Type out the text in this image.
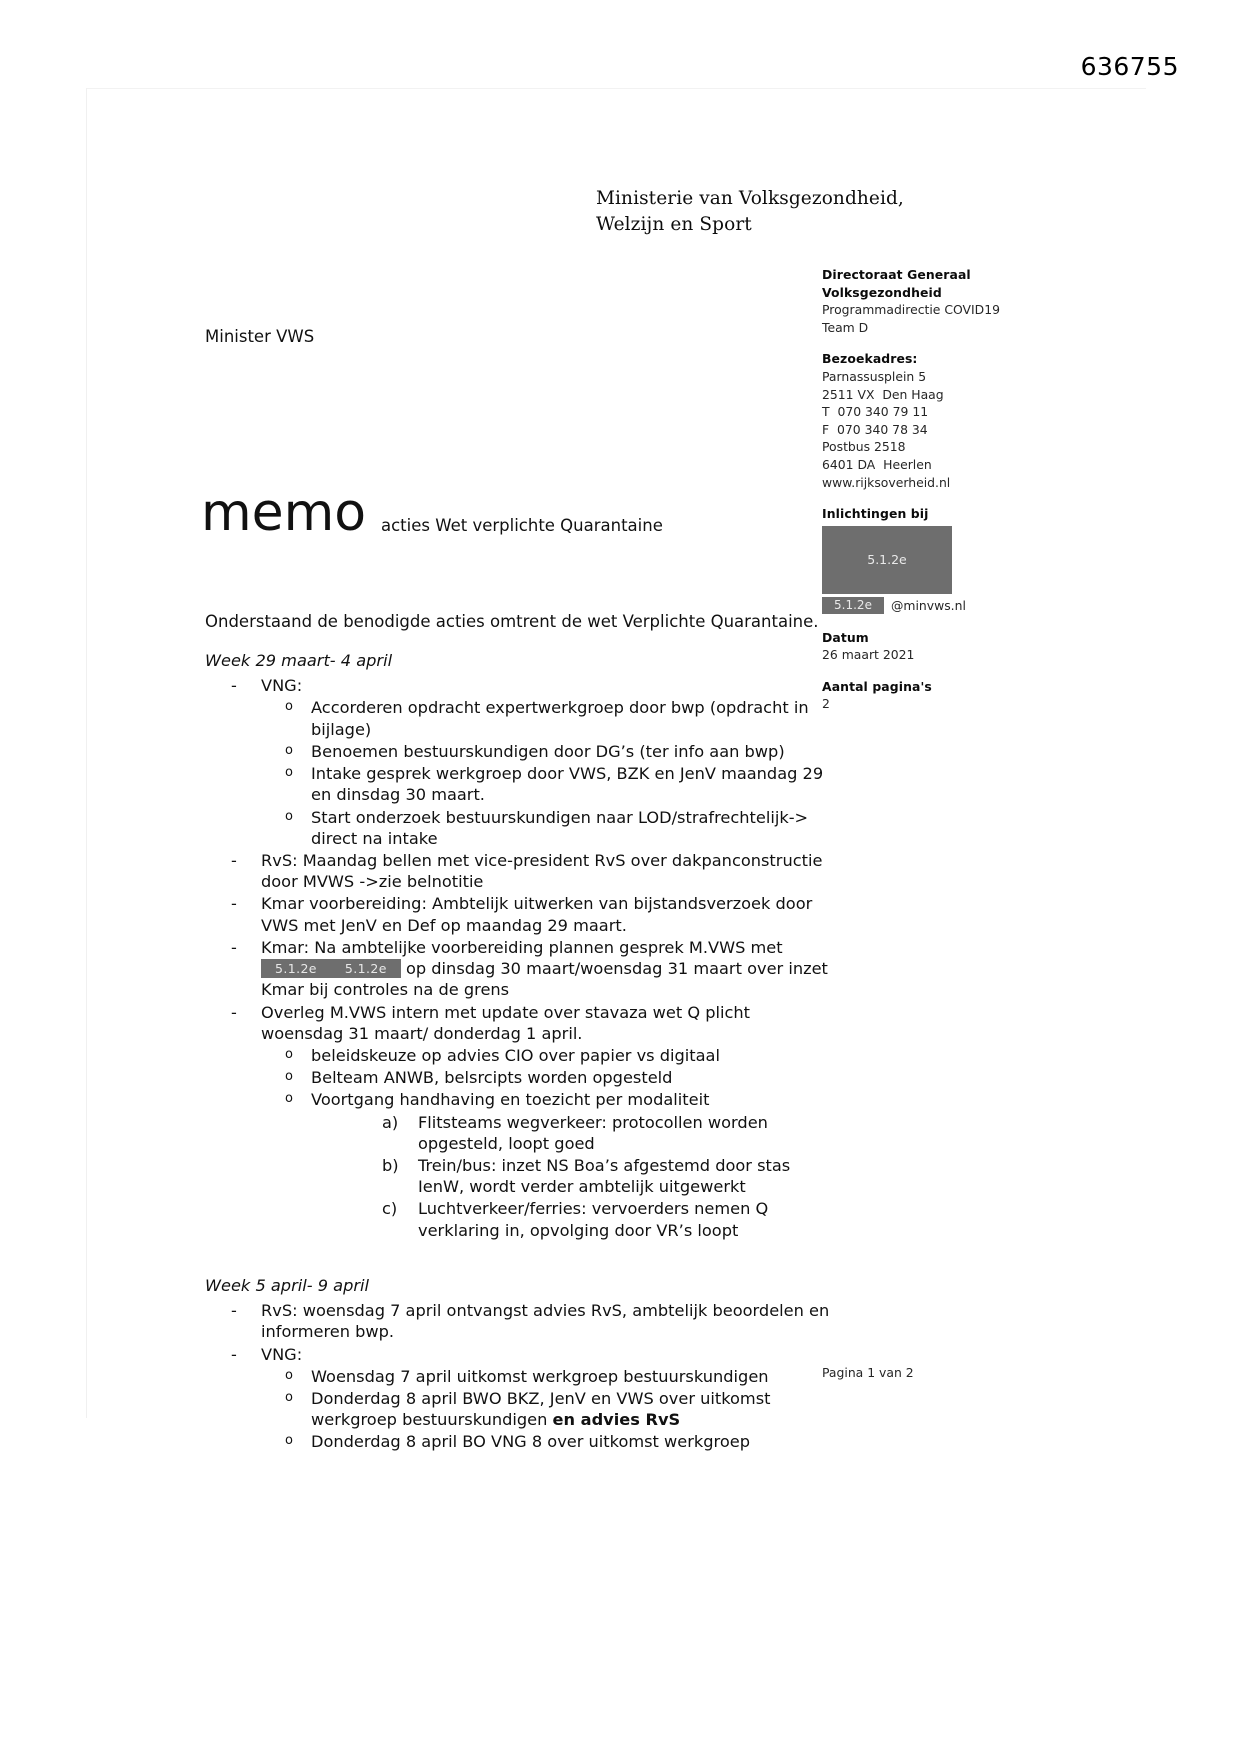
636755
Ministerie van Volksgezondheid,
Welzijn en Sport
Minister VWS
memo acties Wet verplichte Quarantaine
Onderstaand de benodigde acties omtrent de wet Verplichte Quarantaine.
Week 29 maart- 4 april
- VNG:
o Accorderen opdracht expertwerkgroep door bwp (opdracht in bijlage)
o Benoemen bestuurskundigen door DG’s (ter info aan bwp)
o Intake gesprek werkgroep door VWS, BZK en JenV maandag 29 en dinsdag 30 maart.
o Start onderzoek bestuurskundigen naar LOD/strafrechtelijk-> direct na intake
- RvS: Maandag bellen met vice-president RvS over dakpanconstructie door MVWS ->zie belnotitie
- Kmar voorbereiding: Ambtelijk uitwerken van bijstandsverzoek door VWS met JenV en Def op maandag 29 maart.
- Kmar: Na ambtelijke voorbereiding plannen gesprek M.VWS met 5.1.2e 5.1.2e op dinsdag 30 maart/woensdag 31 maart over inzet Kmar bij controles na de grens
- Overleg M.VWS intern met update over stavaza wet Q plicht woensdag 31 maart/ donderdag 1 april.
o beleidskeuze op advies CIO over papier vs digitaal
o Belteam ANWB, belsrcipts worden opgesteld
o Voortgang handhaving en toezicht per modaliteit
Flitsteams wegverkeer: protocollen worden opgesteld, loopt goed
Trein/bus: inzet NS Boa’s afgestemd door stas IenW, wordt verder ambtelijk uitgewerkt
Luchtverkeer/ferries: vervoerders nemen Q verklaring in, opvolging door VR’s loopt
Week 5 april- 9 april
- RvS: woensdag 7 april ontvangst advies RvS, ambtelijk beoordelen en informeren bwp.
- VNG:
o Woensdag 7 april uitkomst werkgroep bestuurskundigen
o Donderdag 8 april BWO BKZ, JenV en VWS over uitkomst werkgroep bestuurskundigen en advies RvS
o Donderdag 8 april BO VNG 8 over uitkomst werkgroep
Directoraat Generaal
Volksgezondheid
Programmadirectie COVID19
Team D
Bezoekadres:
Parnassusplein 5
2511 VX  Den Haag
T  070 340 79 11
F  070 340 78 34
Postbus 2518
6401 DA  Heerlen
www.rijksoverheid.nl
Inlichtingen bij
5.1.2e
5.1.2e	@minvws.nl
Datum
26 maart 2021
Aantal pagina's
2
Pagina 1 van 2
